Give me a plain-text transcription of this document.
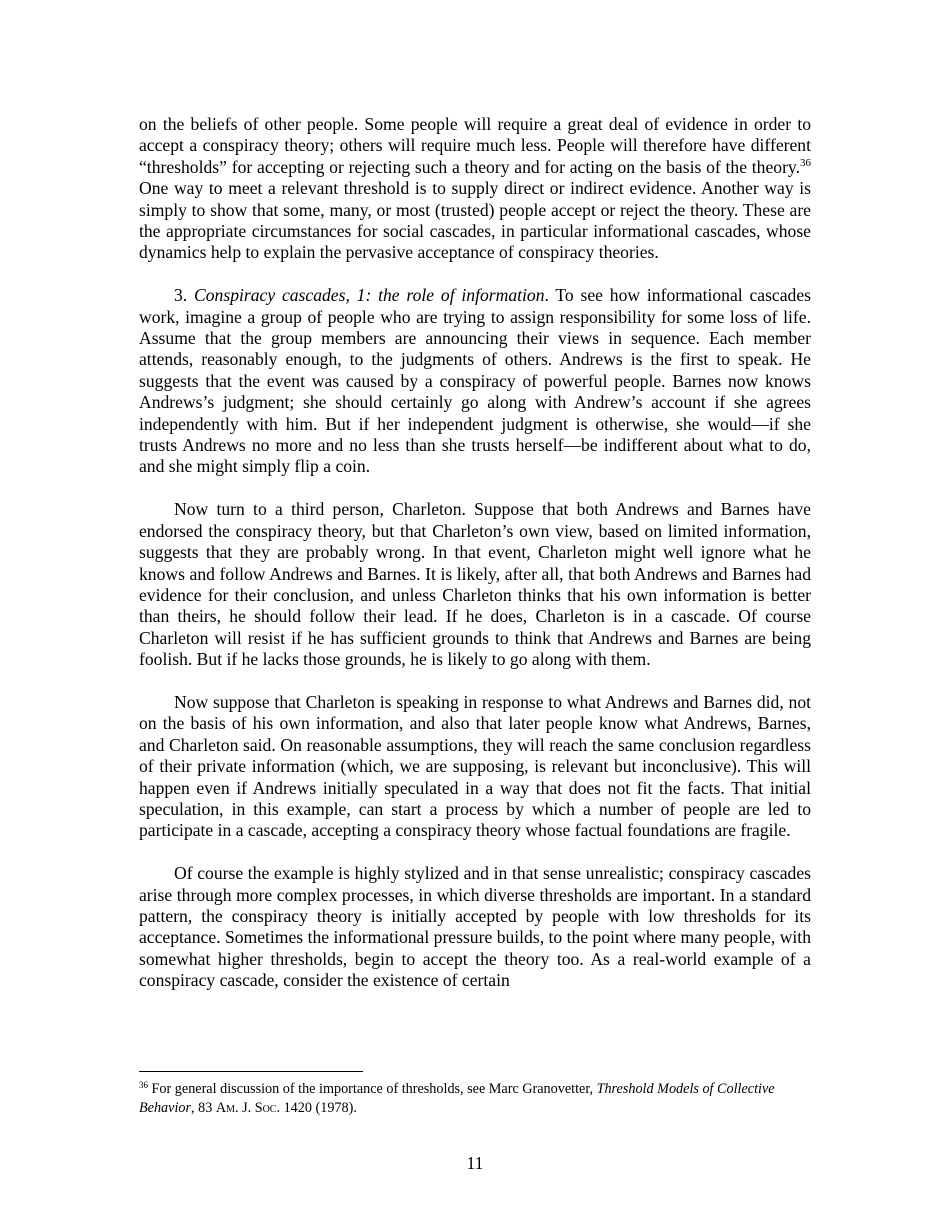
on the beliefs of other people. Some people will require a great deal of evidence in order to accept a conspiracy theory; others will require much less. People will therefore have different “thresholds” for accepting or rejecting such a theory and for acting on the basis of the theory.$^{36}$ One way to meet a relevant threshold is to supply direct or indirect evidence. Another way is simply to show that some, many, or most (trusted) people accept or reject the theory. These are the appropriate circumstances for social cascades, in particular informational cascades, whose dynamics help to explain the pervasive acceptance of conspiracy theories.

3. Conspiracy cascades, 1: the role of information. To see how informational cascades work, imagine a group of people who are trying to assign responsibility for some loss of life. Assume that the group members are announcing their views in sequence. Each member attends, reasonably enough, to the judgments of others. Andrews is the first to speak. He suggests that the event was caused by a conspiracy of powerful people. Barnes now knows Andrews’s judgment; she should certainly go along with Andrew’s account if she agrees independently with him. But if her independent judgment is otherwise, she would—if she trusts Andrews no more and no less than she trusts herself—be indifferent about what to do, and she might simply flip a coin.

Now turn to a third person, Charleton. Suppose that both Andrews and Barnes have endorsed the conspiracy theory, but that Charleton’s own view, based on limited information, suggests that they are probably wrong. In that event, Charleton might well ignore what he knows and follow Andrews and Barnes. It is likely, after all, that both Andrews and Barnes had evidence for their conclusion, and unless Charleton thinks that his own information is better than theirs, he should follow their lead. If he does, Charleton is in a cascade. Of course Charleton will resist if he has sufficient grounds to think that Andrews and Barnes are being foolish. But if he lacks those grounds, he is likely to go along with them.

Now suppose that Charleton is speaking in response to what Andrews and Barnes did, not on the basis of his own information, and also that later people know what Andrews, Barnes, and Charleton said. On reasonable assumptions, they will reach the same conclusion regardless of their private information (which, we are supposing, is relevant but inconclusive). This will happen even if Andrews initially speculated in a way that does not fit the facts. That initial speculation, in this example, can start a process by which a number of people are led to participate in a cascade, accepting a conspiracy theory whose factual foundations are fragile.

Of course the example is highly stylized and in that sense unrealistic; conspiracy cascades arise through more complex processes, in which diverse thresholds are important. In a standard pattern, the conspiracy theory is initially accepted by people with low thresholds for its acceptance. Sometimes the informational pressure builds, to the point where many people, with somewhat higher thresholds, begin to accept the theory too. As a real-world example of a conspiracy cascade, consider the existence of certain

$^{36}$ For general discussion of the importance of thresholds, see Marc Granovetter, Threshold Models of Collective Behavior, 83 Am. J. Soc. 1420 (1978).
11
